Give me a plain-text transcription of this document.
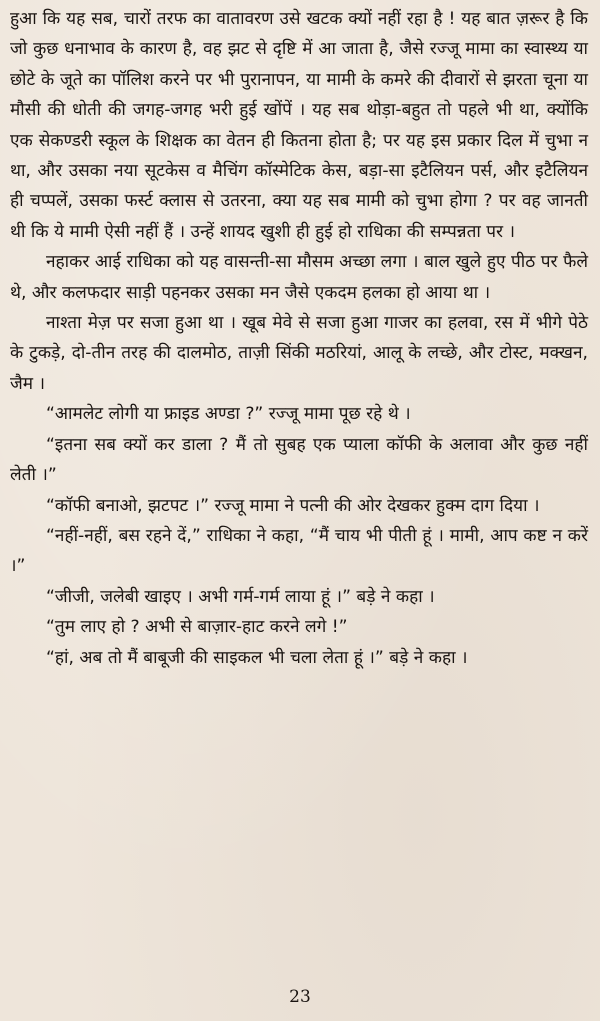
हुआ कि यह सब, चारों तरफ का वातावरण उसे खटक क्यों नहीं रहा है ! यह बात ज़रूर है कि जो कुछ धनाभाव के कारण है, वह झट से दृष्टि में आ जाता है, जैसे रज्जू मामा का स्वास्थ्य या छोटे के जूते का पॉलिश करने पर भी पुरानापन, या मामी के कमरे की दीवारों से झरता चूना या मौसी की धोती की जगह-जगह भरी हुई खोंपें । यह सब थोड़ा-बहुत तो पहले भी था, क्योंकि एक सेकण्डरी स्कूल के शिक्षक का वेतन ही कितना होता है; पर यह इस प्रकार दिल में चुभा न था, और उसका नया सूटकेस व मैचिंग कॉस्मेटिक केस, बड़ा-सा इटैलियन पर्स, और इटैलियन ही चप्पलें, उसका फर्स्ट क्लास से उतरना, क्या यह सब मामी को चुभा होगा ? पर वह जानती थी कि ये मामी ऐसी नहीं हैं । उन्हें शायद खुशी ही हुई हो राधिका की सम्पन्नता पर ।

नहाकर आई राधिका को यह वासन्ती-सा मौसम अच्छा लगा । बाल खुले हुए पीठ पर फैले थे, और कलफदार साड़ी पहनकर उसका मन जैसे एकदम हलका हो आया था ।

नाश्ता मेज़ पर सजा हुआ था । खूब मेवे से सजा हुआ गाजर का हलवा, रस में भीगे पेठे के टुकड़े, दो-तीन तरह की दालमोठ, ताज़ी सिंकी मठरियां, आलू के लच्छे, और टोस्ट, मक्खन, जैम ।

“आमलेट लोगी या फ्राइड अण्डा ?” रज्जू मामा पूछ रहे थे ।

“इतना सब क्यों कर डाला ? मैं तो सुबह एक प्याला कॉफी के अलावा और कुछ नहीं लेती ।”

“कॉफी बनाओ, झटपट ।” रज्जू मामा ने पत्नी की ओर देखकर हुक्म दाग दिया ।

“नहीं-नहीं, बस रहने दें,” राधिका ने कहा, “मैं चाय भी पीती हूं । मामी, आप कष्ट न करें ।”

“जीजी, जलेबी खाइए । अभी गर्म-गर्म लाया हूं ।” बड़े ने कहा ।

“तुम लाए हो ? अभी से बाज़ार-हाट करने लगे !”

“हां, अब तो मैं बाबूजी की साइकल भी चला लेता हूं ।” बड़े ने कहा ।

23
